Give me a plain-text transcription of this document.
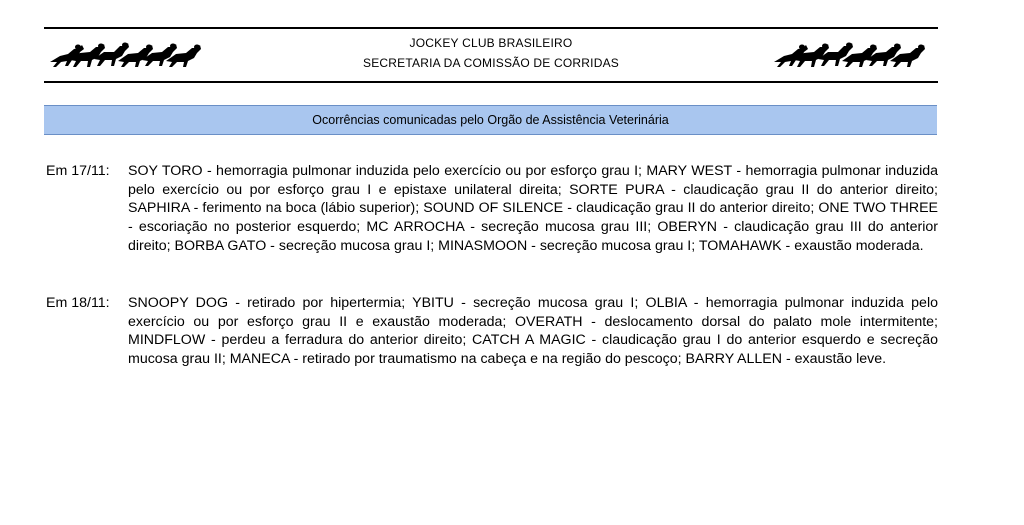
JOCKEY CLUB BRASILEIRO
SECRETARIA DA COMISSÃO DE CORRIDAS
Ocorrências comunicadas pelo Orgão de Assistência Veterinária
Em 17/11:	SOY TORO - hemorragia pulmonar induzida pelo exercício ou por esforço grau I; MARY WEST - hemorragia pulmonar induzida pelo exercício ou por esforço grau I e epistaxe unilateral direita; SORTE PURA - claudicação grau II do anterior direito; SAPHIRA - ferimento na boca (lábio superior); SOUND OF SILENCE - claudicação grau II do anterior direito; ONE TWO THREE - escoriação no posterior esquerdo; MC ARROCHA - secreção mucosa grau III; OBERYN - claudicação grau III do anterior direito; BORBA GATO - secreção mucosa grau I; MINASMOON - secreção mucosa grau I; TOMAHAWK - exaustão moderada.
Em 18/11:	SNOOPY DOG - retirado por hipertermia; YBITU - secreção mucosa grau I; OLBIA - hemorragia pulmonar induzida pelo exercício ou por esforço grau II e exaustão moderada; OVERATH - deslocamento dorsal do palato mole intermitente; MINDFLOW - perdeu a ferradura do anterior direito; CATCH A MAGIC - claudicação grau I do anterior esquerdo e secreção mucosa grau II; MANECA - retirado por traumatismo na cabeça e na região do pescoço; BARRY ALLEN - exaustão leve.
